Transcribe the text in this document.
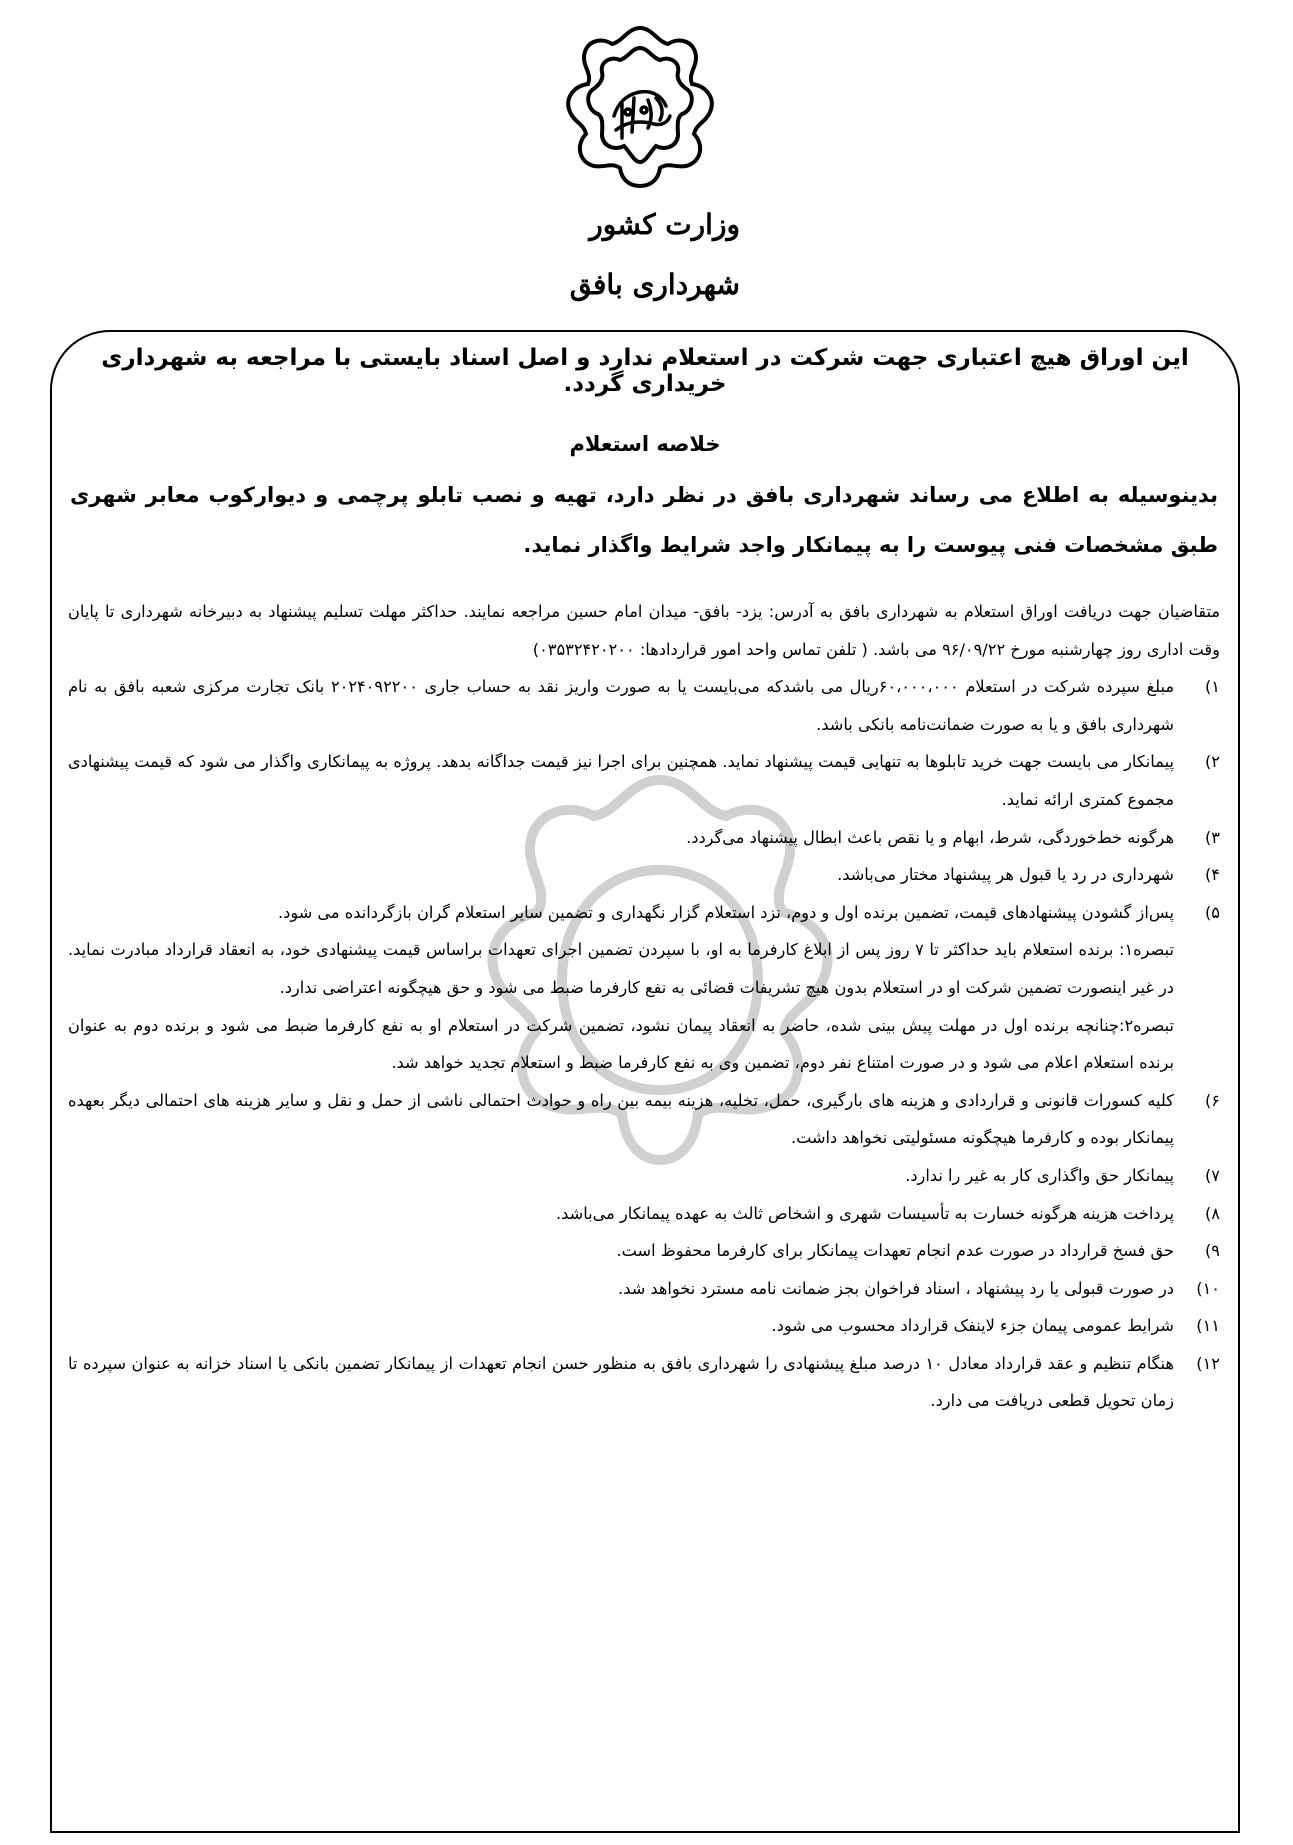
وزارت کشور
شهرداری بافق
این اوراق هیچ اعتباری جهت شرکت در استعلام ندارد و اصل اسناد بایستی با مراجعه به شهرداری خریداری گردد.
خلاصه استعلام
بدینوسیله به اطلاع می رساند شهرداری بافق در نظر دارد، تهیه و نصب تابلو پرچمی و دیوارکوب معابر شهری طبق مشخصات فنی پیوست را به پیمانکار واجد شرایط واگذار نماید.

متقاضیان جهت دریافت اوراق استعلام به شهرداری بافق به آدرس: یزد- بافق- میدان امام حسین مراجعه نمایند. حداکثر مهلت تسلیم پیشنهاد به دبیرخانه شهرداری تا پایان وقت اداری روز چهارشنبه مورخ ۹۶/۰۹/۲۲ می باشد. ( تلفن تماس واحد امور قراردادها: ۰۳۵۳۲۴۲۰۲۰۰)

۱)
مبلغ سپرده شرکت در استعلام ۶۰،۰۰۰،۰۰۰ریال می باشدکه می‌بایست یا به صورت واریز نقد به حساب جاری ۲۰۲۴۰۹۲۲۰۰ بانک تجارت مرکزی شعبه بافق به نام شهرداری بافق و یا به صورت ضمانت‌نامه بانکی باشد.
۲)
پیمانکار می بایست جهت خرید تابلوها به تنهایی قیمت پیشنهاد نماید. همچنین برای اجرا نیز قیمت جداگانه بدهد. پروژه به پیمانکاری واگذار می شود که قیمت پیشنهادی مجموع کمتری ارائه نماید.
۳)
هرگونه خط‌خوردگی، شرط، ابهام و یا نقص باعث ابطال پیشنهاد می‌گردد.
۴)
شهرداری در رد یا قبول هر پیشنهاد مختار می‌باشد.
۵)
پس‌از گشودن پیشنهادهای قیمت، تضمین برنده اول و دوم، نزد استعلام گزار نگهداری و تضمین سایر استعلام گران بازگردانده می شود.

تبصره۱: برنده استعلام باید حداکثر تا ۷ روز پس از ابلاغ کارفرما به او، با سپردن تضمین اجرای تعهدات براساس قیمت پیشنهادی خود، به انعقاد قرارداد مبادرت نماید. در غیر اینصورت تضمین شرکت او در استعلام بدون هیچ تشریفات قضائی به نفع کارفرما ضبط می شود و حق هیچگونه اعتراضی ندارد.

تبصره۲:چنانچه برنده اول در مهلت پیش بینی شده، حاضر به انعقاد پیمان نشود، تضمین شرکت در استعلام او به نفع کارفرما ضبط می شود و برنده دوم به عنوان برنده استعلام اعلام می شود و در صورت امتناع نفر دوم، تضمین وی به نفع کارفرما ضبط و استعلام تجدید خواهد شد.

۶)
کلیه کسورات قانونی و قراردادی و هزینه های بارگیری، حمل، تخلیه، هزینه بیمه بین راه و حوادث احتمالی ناشی از حمل و نقل و سایر هزینه های احتمالی دیگر بعهده پیمانکار بوده و کارفرما هیچگونه مسئولیتی نخواهد داشت.
۷)
پیمانکار حق واگذاری کار به غیر را ندارد.
۸)
پرداخت هزینه هرگونه خسارت به تأسیسات شهری و اشخاص ثالث به عهده پیمانکار می‌باشد.
۹)
حق فسخ قرارداد در صورت عدم انجام تعهدات پیمانکار برای کارفرما محفوظ است.
۱۰)
در صورت قبولی یا رد پیشنهاد ، اسناد فراخوان بجز ضمانت نامه مسترد نخواهد شد.
۱۱)
شرایط عمومی پیمان جزء لاینفک قرارداد محسوب می شود.
۱۲)
هنگام تنظیم و عقد قرارداد معادل ۱۰ درصد مبلغ پیشنهادی را شهرداری بافق به منظور حسن انجام تعهدات از پیمانکار تضمین بانکی یا اسناد خزانه به عنوان سپرده تا زمان تحویل قطعی دریافت می دارد.
